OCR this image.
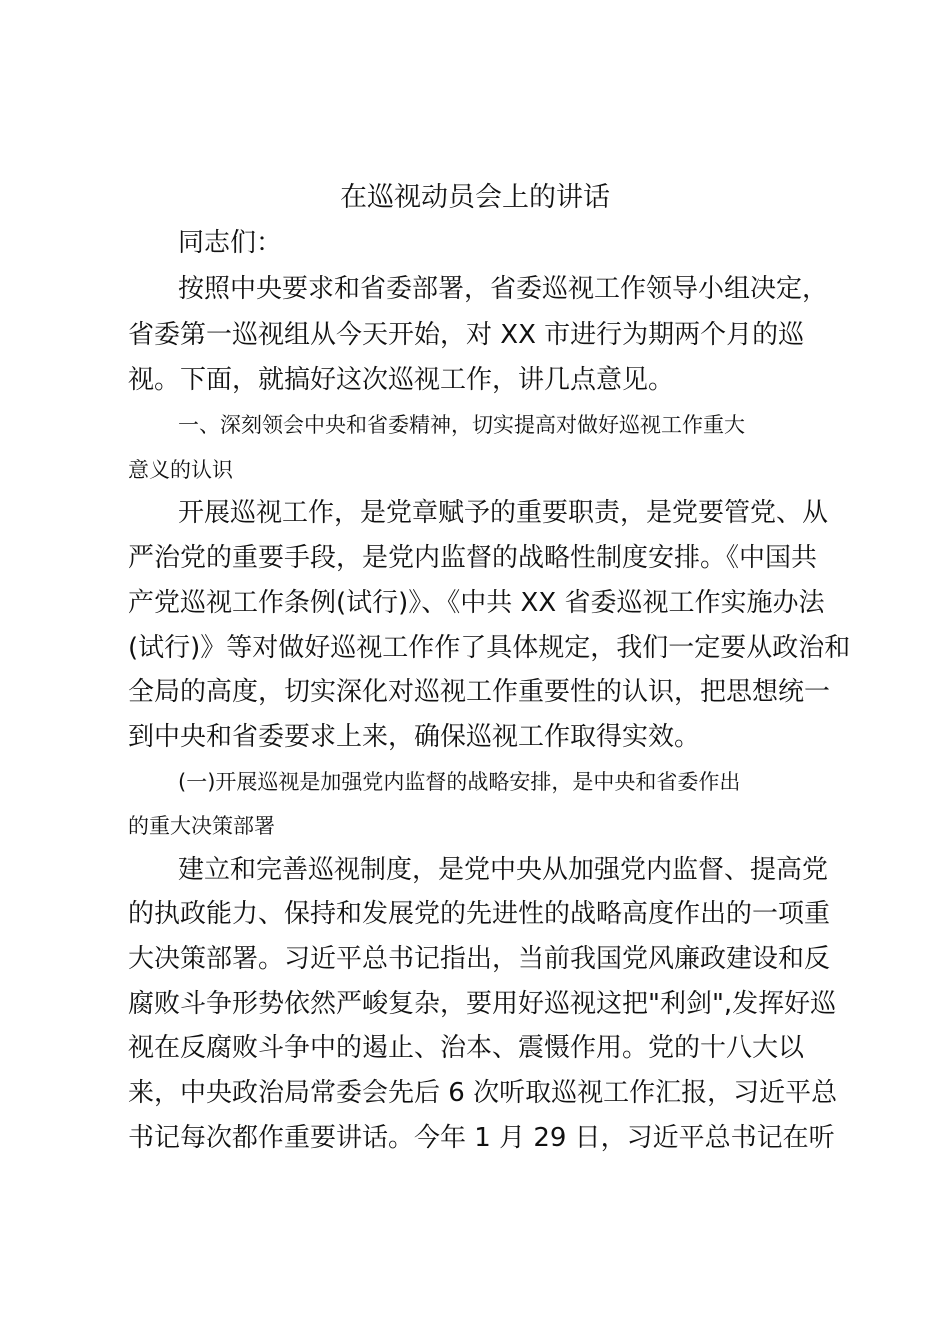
在巡视动员会上的讲话
同志们：
按照中央要求和省委部署，省委巡视工作领导小组决定，
省委第一巡视组从今天开始，对 XX 市进行为期两个月的巡
视。下面，就搞好这次巡视工作，讲几点意见。
一、深刻领会中央和省委精神，切实提高对做好巡视工作重大
意义的认识
开展巡视工作，是党章赋予的重要职责，是党要管党、从
严治党的重要手段，是党内监督的战略性制度安排。《中国共
产党巡视工作条例(试行)》、《中共 XX 省委巡视工作实施办法
(试行)》等对做好巡视工作作了具体规定，我们一定要从政治和
全局的高度，切实深化对巡视工作重要性的认识，把思想统一
到中央和省委要求上来，确保巡视工作取得实效。
(一)开展巡视是加强党内监督的战略安排，是中央和省委作出
的重大决策部署
建立和完善巡视制度，是党中央从加强党内监督、提高党
的执政能力、保持和发展党的先进性的战略高度作出的一项重
大决策部署。习近平总书记指出，当前我国党风廉政建设和反
腐败斗争形势依然严峻复杂，要用好巡视这把"利剑",发挥好巡
视在反腐败斗争中的遏止、治本、震慑作用。党的十八大以
来，中央政治局常委会先后 6 次听取巡视工作汇报，习近平总
书记每次都作重要讲话。今年 1 月 29 日，习近平总书记在听
